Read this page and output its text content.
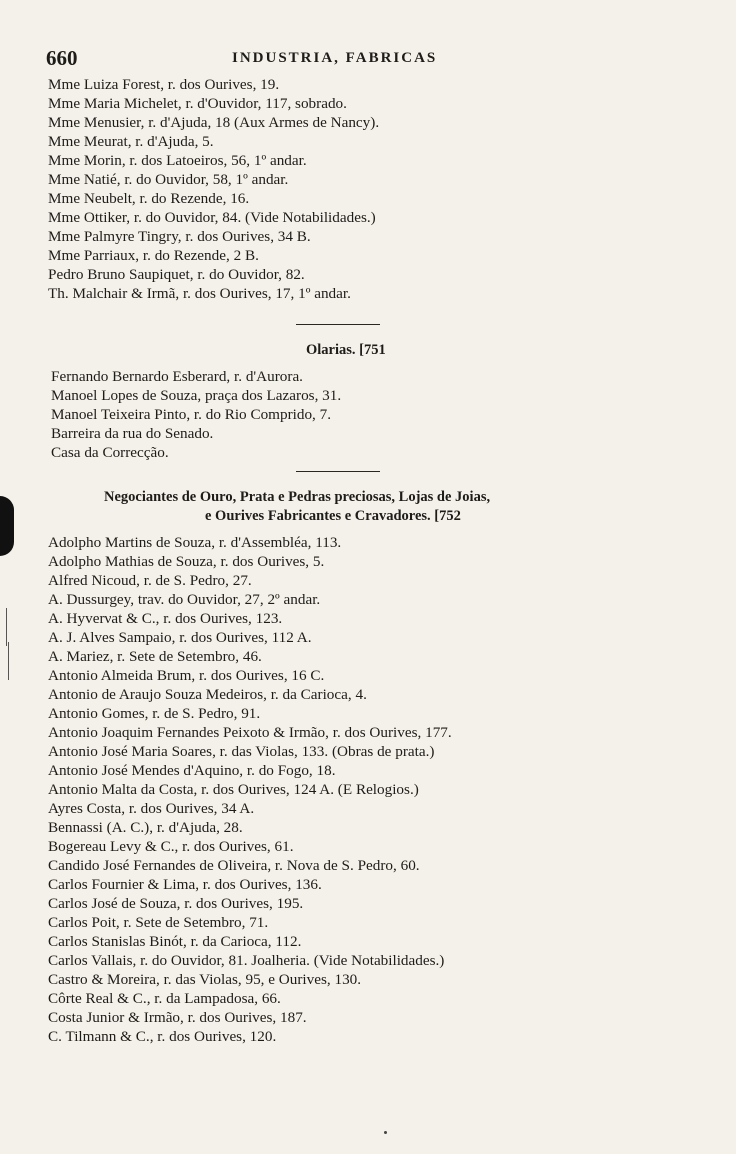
660	INDUSTRIA, FABRICAS
Mme Luiza Forest, r. dos Ourives, 19.
Mme Maria Michelet, r. d'Ouvidor, 117, sobrado.
Mme Menusier, r. d'Ajuda, 18 (Aux Armes de Nancy).
Mme Meurat, r. d'Ajuda, 5.
Mme Morin, r. dos Latoeiros, 56, 1º andar.
Mme Natié, r. do Ouvidor, 58, 1º andar.
Mme Neubelt, r. do Rezende, 16.
Mme Ottiker, r. do Ouvidor, 84. (Vide Notabilidades.)
Mme Palmyre Tingry, r. dos Ourives, 34 B.
Mme Parriaux, r. do Rezende, 2 B.
Pedro Bruno Saupiquet, r. do Ouvidor, 82.
Th. Malchair & Irmã, r. dos Ourives, 17, 1º andar.
Olarias. [751
Fernando Bernardo Esberard, r. d'Aurora.
Manoel Lopes de Souza, praça dos Lazaros, 31.
Manoel Teixeira Pinto, r. do Rio Comprido, 7.
Barreira da rua do Senado.
Casa da Correcção.
Negociantes de Ouro, Prata e Pedras preciosas, Lojas de Joias,
e Ourives Fabricantes e Cravadores. [752
Adolpho Martins de Souza, r. d'Assembléa, 113.
Adolpho Mathias de Souza, r. dos Ourives, 5.
Alfred Nicoud, r. de S. Pedro, 27.
A. Dussurgey, trav. do Ouvidor, 27, 2º andar.
A. Hyverνat & C., r. dos Ourives, 123.
A. J. Alves Sampaio, r. dos Ourives, 112 A.
A. Mariez, r. Sete de Setembro, 46.
Antonio Almeida Brum, r. dos Ourives, 16 C.
Antonio de Araujo Souza Medeiros, r. da Carioca, 4.
Antonio Gomes, r. de S. Pedro, 91.
Antonio Joaquim Fernandes Peixoto & Irmão, r. dos Ourives, 177.
Antonio José Maria Soares, r. das Violas, 133. (Obras de prata.)
Antonio José Mendes d'Aquino, r. do Fogo, 18.
Antonio Malta da Costa, r. dos Ourives, 124 A. (E Relogios.)
Ayres Costa, r. dos Ourives, 34 A.
Bennassi (A. C.), r. d'Ajuda, 28.
Bogereau Levy & C., r. dos Ourives, 61.
Candido José Fernandes de Oliveira, r. Nova de S. Pedro, 60.
Carlos Fournier & Lima, r. dos Ourives, 136.
Carlos José de Souza, r. dos Ourives, 195.
Carlos Poit, r. Sete de Setembro, 71.
Carlos Stanislas Binót, r. da Carioca, 112.
Carlos Vallais, r. do Ouvidor, 81. Joalheria. (Vide Notabilidades.)
Castro & Moreira, r. das Violas, 95, e Ourives, 130.
Côrte Real & C., r. da Lampadosa, 66.
Costa Junior & Irmão, r. dos Ourives, 187.
C. Tilmann & C., r. dos Ourives, 120.
